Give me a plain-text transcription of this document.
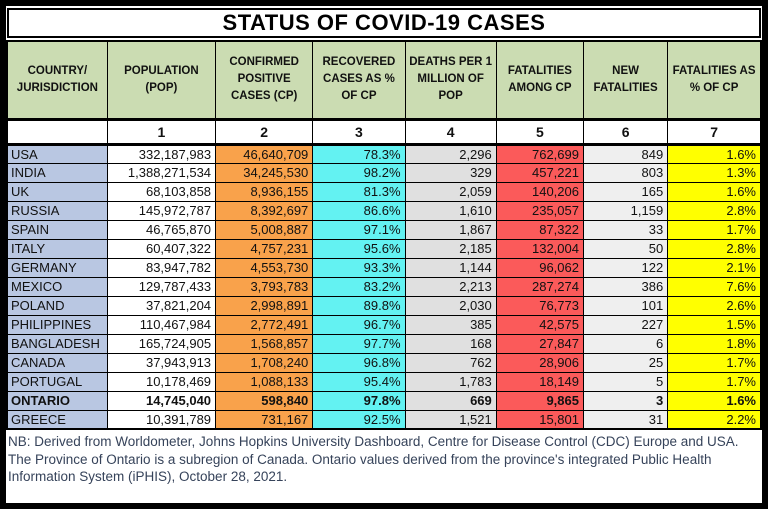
STATUS OF COVID-19 CASES
COUNTRY/ JURISDICTION	POPULATION (POP)	CONFIRMED POSITIVE CASES (CP)	RECOVERED CASES AS % OF CP	DEATHS PER 1 MILLION OF POP	FATALITIES AMONG CP	NEW FATALITIES	FATALITIES AS % OF CP
	1	2	3	4	5	6	7
USA	332,187,983	46,640,709	78.3%	2,296	762,699	849	1.6%
INDIA	1,388,271,534	34,245,530	98.2%	329	457,221	803	1.3%
UK	68,103,858	8,936,155	81.3%	2,059	140,206	165	1.6%
RUSSIA	145,972,787	8,392,697	86.6%	1,610	235,057	1,159	2.8%
SPAIN	46,765,870	5,008,887	97.1%	1,867	87,322	33	1.7%
ITALY	60,407,322	4,757,231	95.6%	2,185	132,004	50	2.8%
GERMANY	83,947,782	4,553,730	93.3%	1,144	96,062	122	2.1%
MEXICO	129,787,433	3,793,783	83.2%	2,213	287,274	386	7.6%
POLAND	37,821,204	2,998,891	89.8%	2,030	76,773	101	2.6%
PHILIPPINES	110,467,984	2,772,491	96.7%	385	42,575	227	1.5%
BANGLADESH	165,724,905	1,568,857	97.7%	168	27,847	6	1.8%
CANADA	37,943,913	1,708,240	96.8%	762	28,906	25	1.7%
PORTUGAL	10,178,469	1,088,133	95.4%	1,783	18,149	5	1.7%
ONTARIO	14,745,040	598,840	97.8%	669	9,865	3	1.6%
GREECE	10,391,789	731,167	92.5%	1,521	15,801	31	2.2%
NB: Derived from Worldometer, Johns Hopkins University Dashboard, Centre for Disease Control (CDC) Europe and USA. The Province of Ontario is a subregion of Canada. Ontario values derived from the province's integrated Public Health Information System (iPHIS), October 28, 2021.
